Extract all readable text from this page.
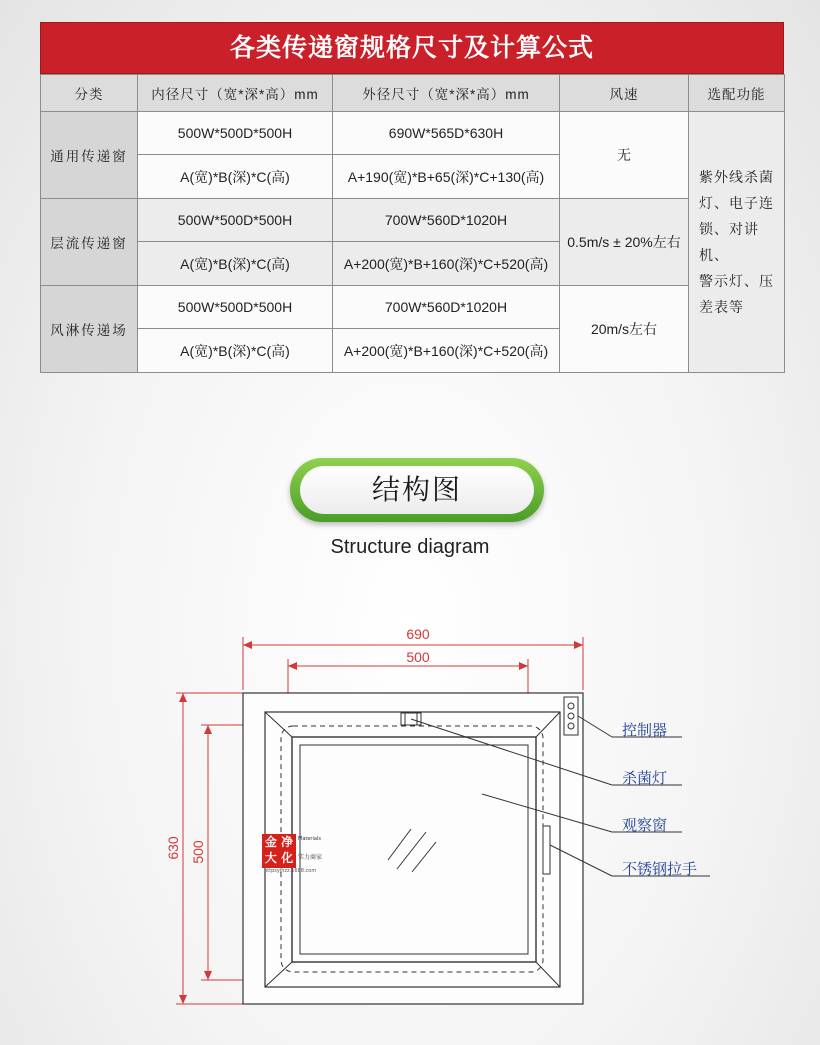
各类传递窗规格尺寸及计算公式
分类	内径尺寸（宽*深*高）mm	外径尺寸（宽*深*高）mm	风速	选配功能
通用传递窗	500W*500D*500H	690W*565D*630H	无	紫外线杀菌
灯、电子连
锁、对讲机、
警示灯、压
差表等

	A(宽)*B(深)*C(高)	A+190(宽)*B+65(深)*C+130(高)		
层流传递窗	500W*500D*500H	700W*560D*1020H	0.5m/s ± 20%左右	
	A(宽)*B(深)*C(高)	A+200(宽)*B+160(深)*C+520(高)		
风淋传递场	500W*500D*500H	700W*560D*1020H	20m/s左右	
	A(宽)*B(深)*C(高)	A+200(宽)*B+160(深)*C+520(高)		
结构图
Structure diagram
690
500
630 500
控制器
杀菌灯
观察窗
不锈钢拉手
金 净 大 化
Materials
实力商家
httpsyjhzz.1688.com
